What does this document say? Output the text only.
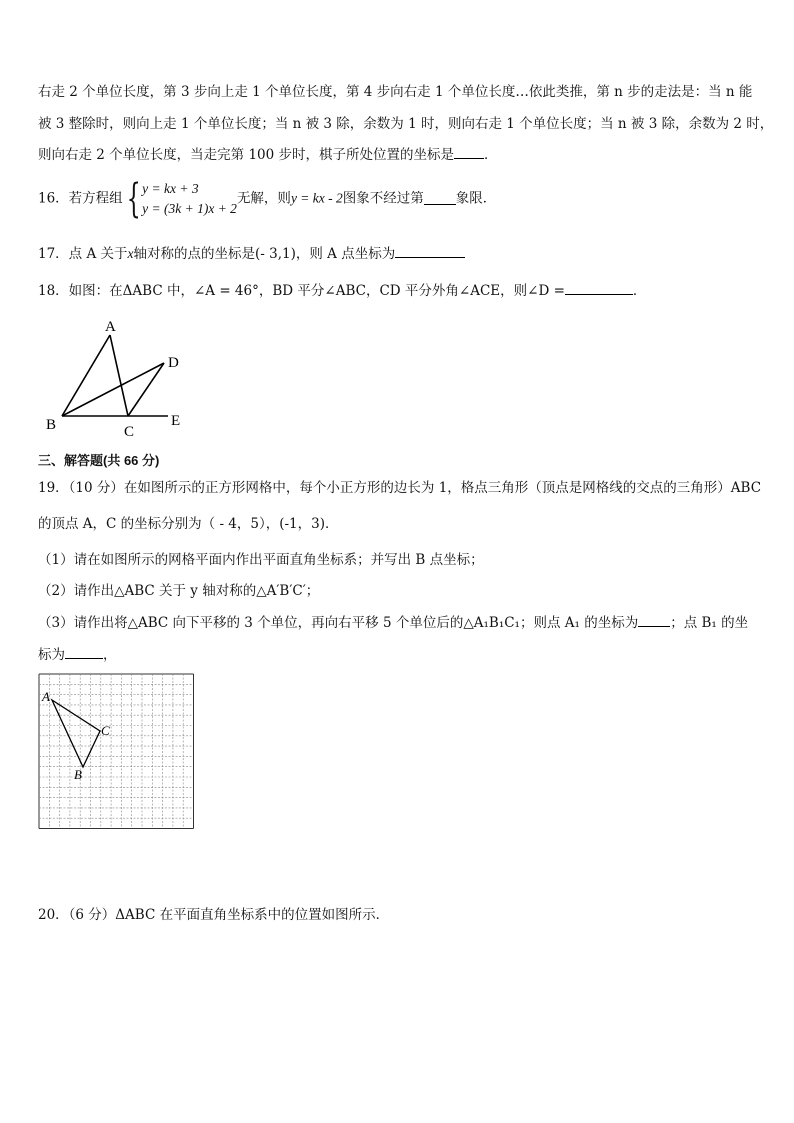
右走 2 个单位长度，第 3 步向上走 1 个单位长度，第 4 步向右走 1 个单位长度…依此类推，第 n 步的走法是：当 n 能
被 3 整除时，则向上走 1 个单位长度；当 n 被 3 除，余数为 1 时，则向右走 1 个单位长度；当 n 被 3 除，余数为 2 时，
则向右走 2 个单位长度，当走完第 100 步时，棋子所处位置的坐标是 ．
16．若方程组{ y = kx + 3
y = (3k + 1)x + 2无解，则y = kx - 2图象不经过第 象限．
17．点 A 关于x轴对称的点的坐标是(- 3,1)，则 A 点坐标为
18．如图：在ΔABC 中，∠A = 46°，BD 平分∠ABC，CD 平分外角∠ACE，则∠D =	．
A
B	C
D
E
三、解答题(共 66 分)
19．（10 分）在如图所示的正方形网格中，每个小正方形的边长为 1，格点三角形（顶点是网格线的交点的三角形）ABC
的顶点 A，C 的坐标分别为（ - 4，5），(-1，3)．
（1）请在如图所示的网格平面内作出平面直角坐标系；并写出 B 点坐标；
（2）请作出△ABC 关于 y 轴对称的△A′B′C′；
（3）请作出将△ABC 向下平移的 3 个单位，再向右平移 5 个单位后的△A₁B₁C₁；则点 A₁ 的坐标为 ；点 B₁ 的坐
标为	，
A
C
B
20．（6 分）ΔABC 在平面直角坐标系中的位置如图所示．
